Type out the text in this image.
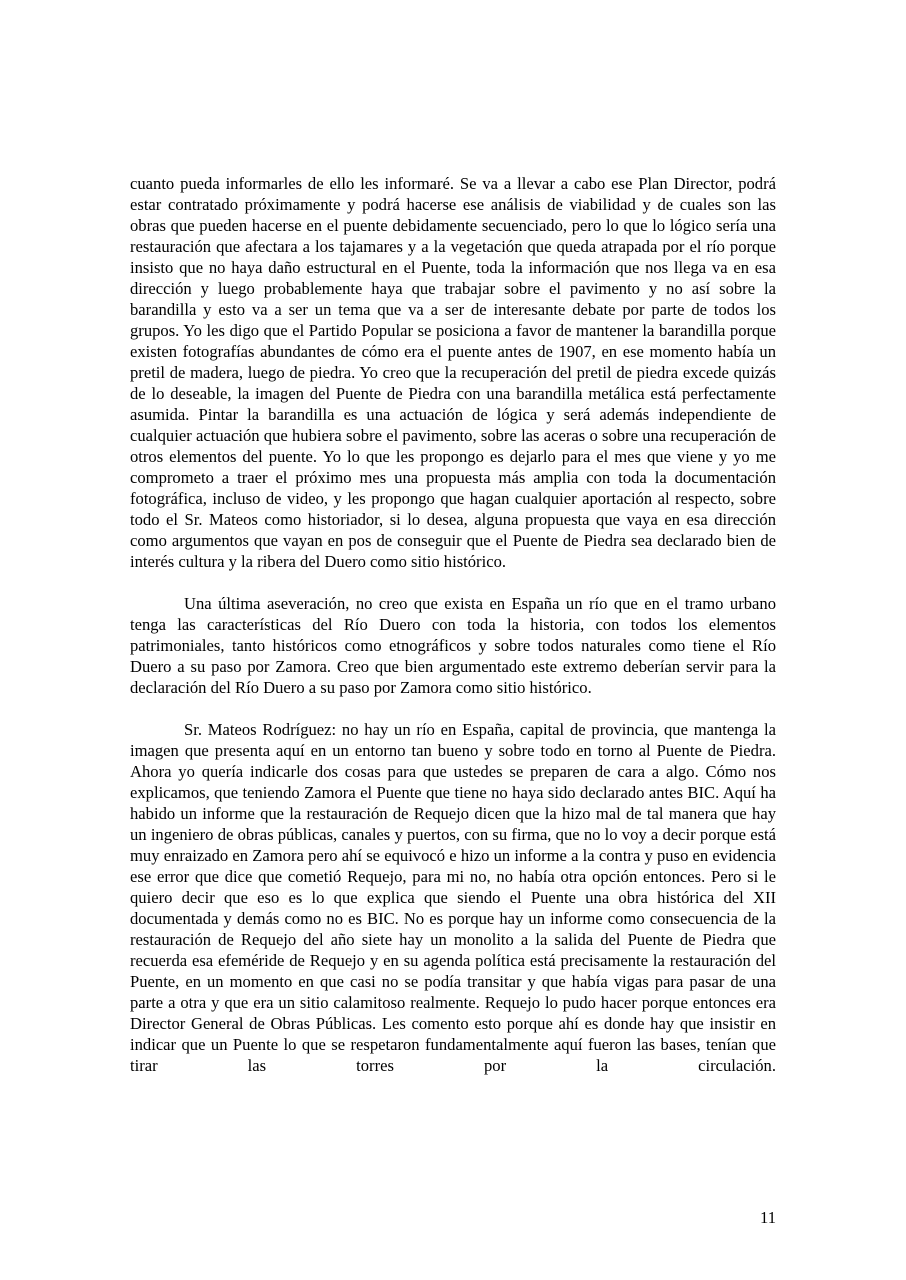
cuanto pueda informarles de ello les informaré. Se va a llevar a cabo ese Plan Director, podrá estar contratado próximamente y podrá hacerse ese análisis de viabilidad y de cuales son las obras que pueden hacerse en el puente debidamente secuenciado, pero lo que lo lógico sería una restauración que afectara a los tajamares y a la vegetación que queda atrapada por el río porque insisto que no haya daño estructural en el Puente, toda la información que nos llega va en esa dirección y luego probablemente haya que trabajar sobre el pavimento y no así sobre la barandilla y esto va a ser un tema que va a ser de interesante debate por parte de todos los grupos. Yo les digo que el Partido Popular se posiciona a favor de mantener la barandilla porque existen fotografías abundantes de cómo era el puente antes de 1907, en ese momento había un pretil de madera, luego de piedra. Yo creo que la recuperación del pretil de piedra excede quizás de lo deseable, la imagen del Puente de Piedra con una barandilla metálica está perfectamente asumida. Pintar la barandilla es una actuación de lógica y será además independiente de cualquier actuación que hubiera sobre el pavimento, sobre las aceras o sobre una recuperación de otros elementos del puente. Yo lo que les propongo es dejarlo para el mes que viene y yo me comprometo a traer el próximo mes una propuesta más amplia con toda la documentación fotográfica, incluso de video, y les propongo que hagan cualquier aportación al respecto, sobre todo el Sr. Mateos como historiador, si lo desea, alguna propuesta que vaya en esa dirección como argumentos que vayan en pos de conseguir que el Puente de Piedra sea declarado bien de interés cultura y la ribera del Duero como sitio histórico.

Una última aseveración, no creo que exista en España un río que en el tramo urbano tenga las características del Río Duero con toda la historia, con todos los elementos patrimoniales, tanto históricos como etnográficos y sobre todos naturales como tiene el Río Duero a su paso por Zamora. Creo que bien argumentado este extremo deberían servir para la declaración del Río Duero a su paso por Zamora como sitio histórico.

Sr. Mateos Rodríguez: no hay un río en España, capital de provincia, que mantenga la imagen que presenta aquí en un entorno tan bueno y sobre todo en torno al Puente de Piedra. Ahora yo quería indicarle dos cosas para que ustedes se preparen de cara a algo. Cómo nos explicamos, que teniendo Zamora el Puente que tiene no haya sido declarado antes BIC. Aquí ha habido un informe que la restauración de Requejo dicen que la hizo mal de tal manera que hay un ingeniero de obras públicas, canales y puertos, con su firma, que no lo voy a decir porque está muy enraizado en Zamora pero ahí se equivocó e hizo un informe a la contra y puso en evidencia ese error que dice que cometió Requejo, para mi no, no había otra opción entonces. Pero si le quiero decir que eso es lo que explica que siendo el Puente una obra histórica del XII documentada y demás como no es BIC. No es porque hay un informe como consecuencia de la restauración de Requejo del año siete hay un monolito a la salida del Puente de Piedra que recuerda esa efeméride de Requejo y en su agenda política está precisamente la restauración del Puente, en un momento en que casi no se podía transitar y que había vigas para pasar de una parte a otra y que era un sitio calamitoso realmente. Requejo lo pudo hacer porque entonces era Director General de Obras Públicas. Les comento esto porque ahí es donde hay que insistir en indicar que un Puente lo que se respetaron fundamentalmente aquí fueron las bases, tenían que tirar las torres por la circulación.

11
